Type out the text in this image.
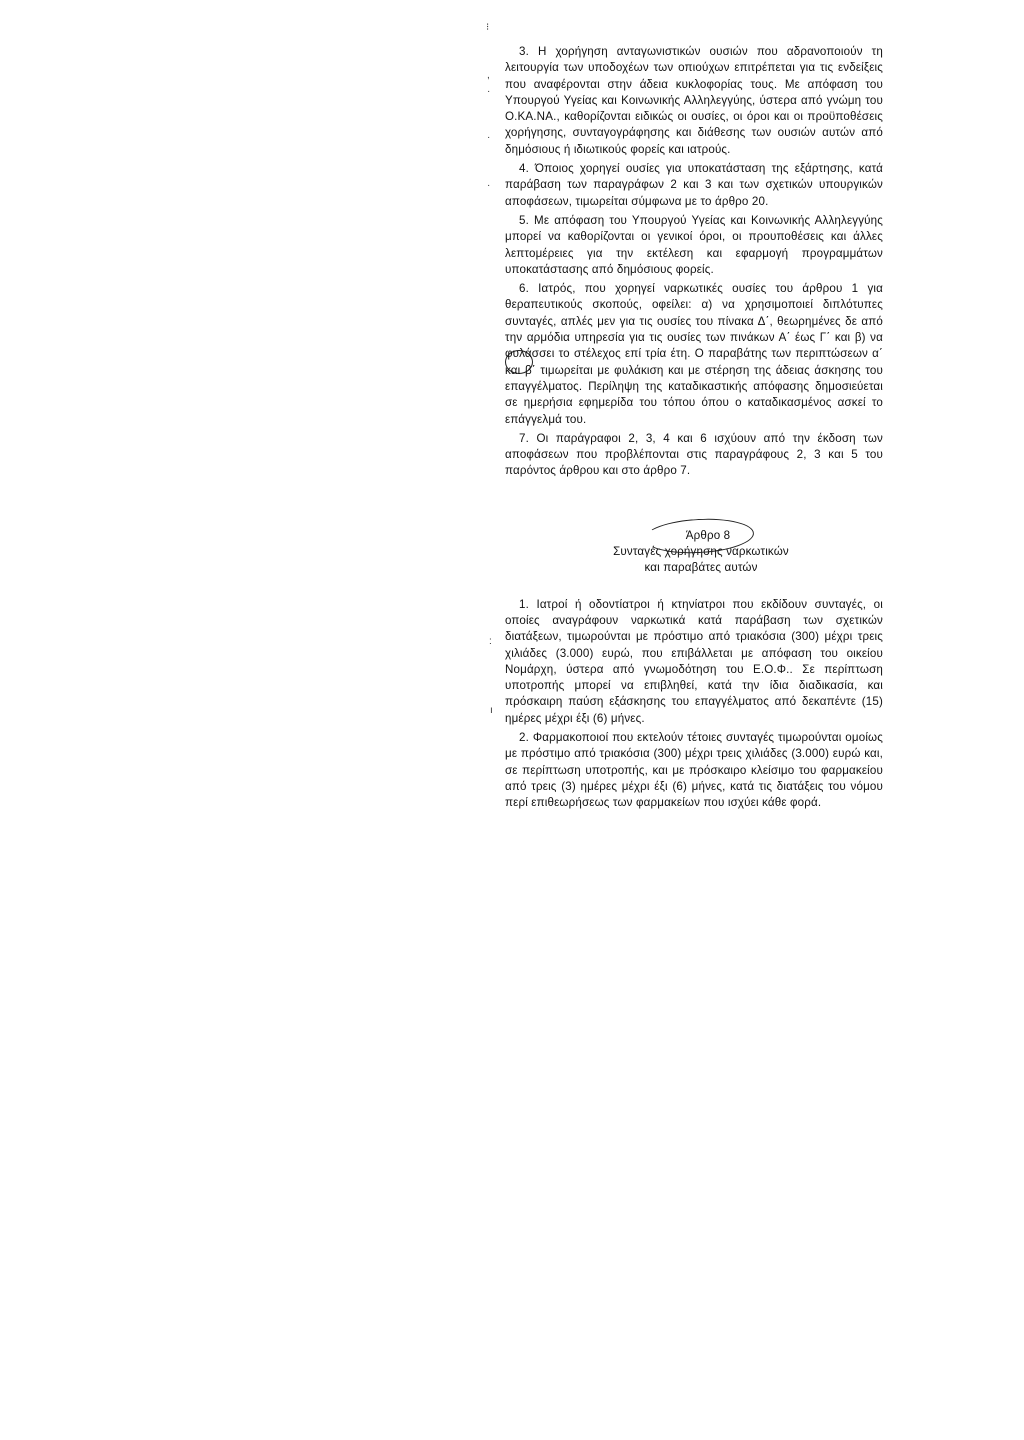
⁝
,
·
·
·
:
ı

3. Η χορήγηση ανταγωνιστικών ουσιών που αδρανοποιούν τη λειτουργία των υποδοχέων των οπιούχων επιτρέπεται για τις ενδείξεις που αναφέρονται στην άδεια κυκλοφορίας τους. Με απόφαση του Υπουργού Υγείας και Κοινωνικής Αλληλεγγύης, ύστερα από γνώμη του Ο.ΚΑ.ΝΑ., καθορίζονται ειδικώς οι ουσίες, οι όροι και οι προϋποθέσεις χορήγησης, συνταγογράφησης και διάθεσης των ουσιών αυτών από δημόσιους ή ιδιωτικούς φορείς και ιατρούς.

4. Όποιος χορηγεί ουσίες για υποκατάσταση της εξάρτησης, κατά παράβαση των παραγράφων 2 και 3 και των σχετικών υπουργικών αποφάσεων, τιμωρείται σύμφωνα με το άρθρο 20.

5. Με απόφαση του Υπουργού Υγείας και Κοινωνικής Αλληλεγγύης μπορεί να καθορίζονται οι γενικοί όροι, οι προυποθέσεις και άλλες λεπτομέρειες για την εκτέλεση και εφαρμογή προγραμμάτων υποκατάστασης από δημόσιους φορείς.

6. Ιατρός, που χορηγεί ναρκωτικές ουσίες του άρθρου 1 για θεραπευτικούς σκοπούς, οφείλει: α) να χρησιμοποιεί διπλότυπες συνταγές, απλές μεν για τις ουσίες του πίνακα Δ΄, θεωρημένες δε από την αρμόδια υπηρεσία για τις ουσίες των πινάκων Α΄ έως Γ΄ και β) να φυλάσσει το στέλεχος επί τρία έτη. Ο παραβάτης των περιπτώσεων α΄ και β΄ τιμωρείται με φυλάκιση και με στέρηση της άδειας άσκησης του επαγγέλματος. Περίληψη της καταδικαστικής απόφασης δημοσιεύεται σε ημερήσια εφημερίδα του τόπου όπου ο καταδικασμένος ασκεί το επάγγελμά του.

7. Οι παράγραφοι 2, 3, 4 και 6 ισχύουν από την έκδοση των αποφάσεων που προβλέπονται στις παραγράφους 2, 3 και 5 του παρόντος άρθρου και στο άρθρο 7.

Άρθρο 8

Συνταγές χορήγησης ναρκωτικών

και παραβάτες αυτών

1. Ιατροί ή οδοντίατροι ή κτηνίατροι που εκδίδουν συνταγές, οι οποίες αναγράφουν ναρκωτικά κατά παράβαση των σχετικών διατάξεων, τιμωρούνται με πρόστιμο από τριακόσια (300) μέχρι τρεις χιλιάδες (3.000) ευρώ, που επιβάλλεται με απόφαση του οικείου Νομάρχη, ύστερα από γνωμοδότηση του Ε.Ο.Φ.. Σε περίπτωση υποτροπής μπορεί να επιβληθεί, κατά την ίδια διαδικασία, και πρόσκαιρη παύση εξάσκησης του επαγγέλματος από δεκαπέντε (15) ημέρες μέχρι έξι (6) μήνες.

2. Φαρμακοποιοί που εκτελούν τέτοιες συνταγές τιμωρούνται ομοίως με πρόστιμο από τριακόσια (300) μέχρι τρεις χιλιάδες (3.000) ευρώ και, σε περίπτωση υποτροπής, και με πρόσκαιρο κλείσιμο του φαρμακείου από τρεις (3) ημέρες μέχρι έξι (6) μήνες, κατά τις διατάξεις του νόμου περί επιθεωρήσεως των φαρμακείων που ισχύει κάθε φορά.
